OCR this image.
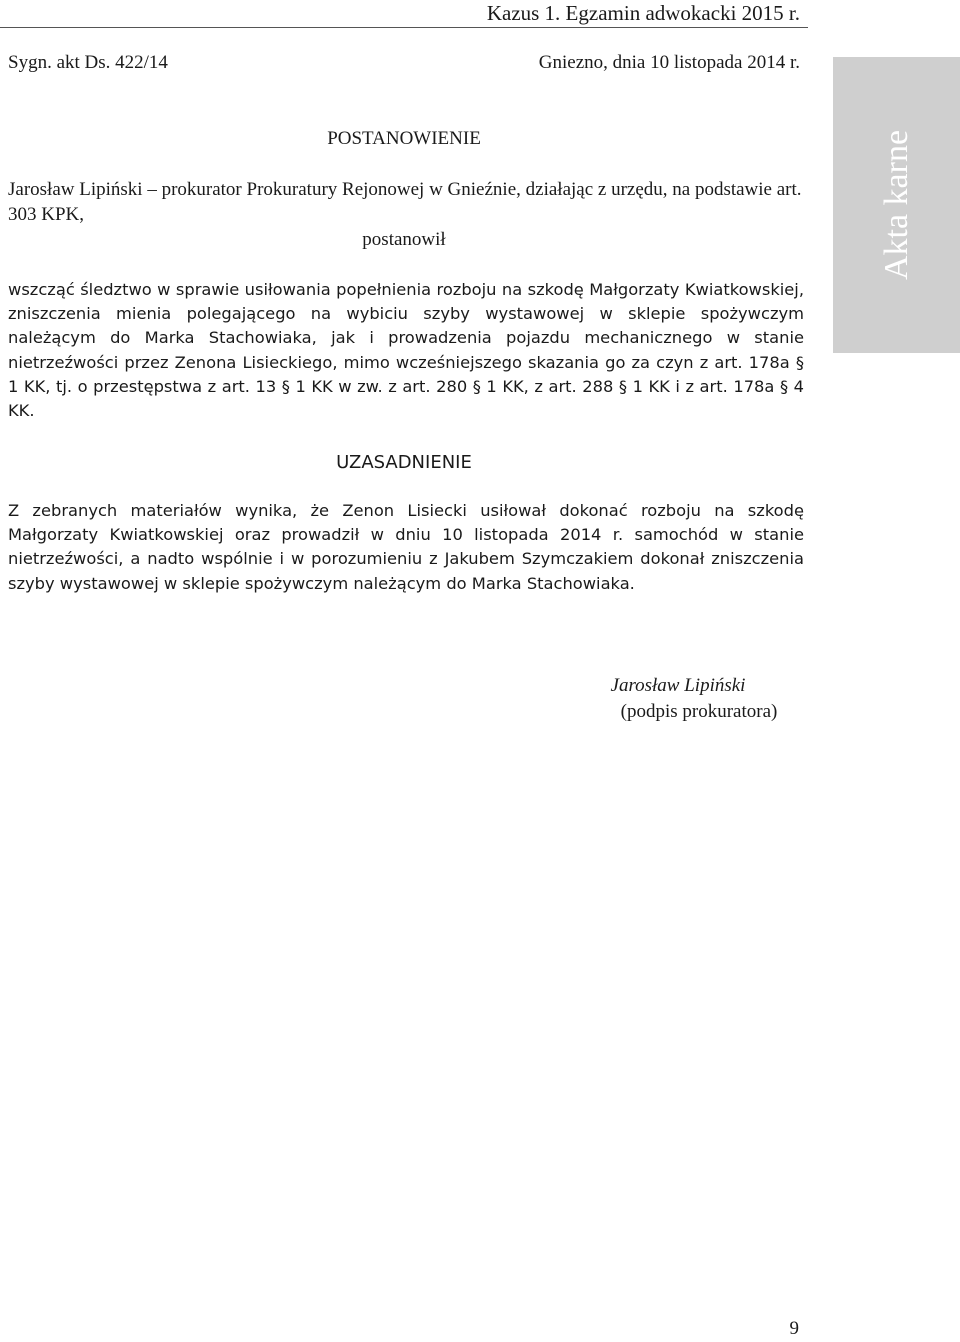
Kazus 1. Egzamin adwokacki 2015 r.
Sygn. akt Ds. 422/14	Gniezno, dnia 10 listopada 2014 r.
POSTANOWIENIE
Jarosław Lipiński – prokurator Prokuratury Rejonowej w Gnieźnie, działając z urzędu, na podstawie art. 303 KPK,
postanowił
wszcząć śledztwo w sprawie usiłowania popełnienia rozboju na szkodę Małgorzaty Kwiatkowskiej, zniszczenia mienia polegającego na wybiciu szyby wystawowej w sklepie spożywczym należącym do Marka Stachowiaka, jak i prowadzenia pojazdu mechanicznego w stanie nietrzeźwości przez Zenona Lisieckiego, mimo wcześniejszego skazania go za czyn z art. 178a § 1 KK, tj. o przestępstwa z art. 13 § 1 KK w zw. z art. 280 § 1 KK, z art. 288 § 1 KK i z art. 178a § 4 KK.
UZASADNIENIE
Z zebranych materiałów wynika, że Zenon Lisiecki usiłował dokonać rozboju na szkodę Małgorzaty Kwiatkowskiej oraz prowadził w dniu 10 listopada 2014 r. samochód w stanie nietrzeźwości, a nadto wspólnie i w porozumieniu z Jakubem Szymczakiem dokonał zniszczenia szyby wystawowej w sklepie spożywczym należącym do Marka Stachowiaka.
Jarosław Lipiński
(podpis prokuratora)
Akta karne
9
